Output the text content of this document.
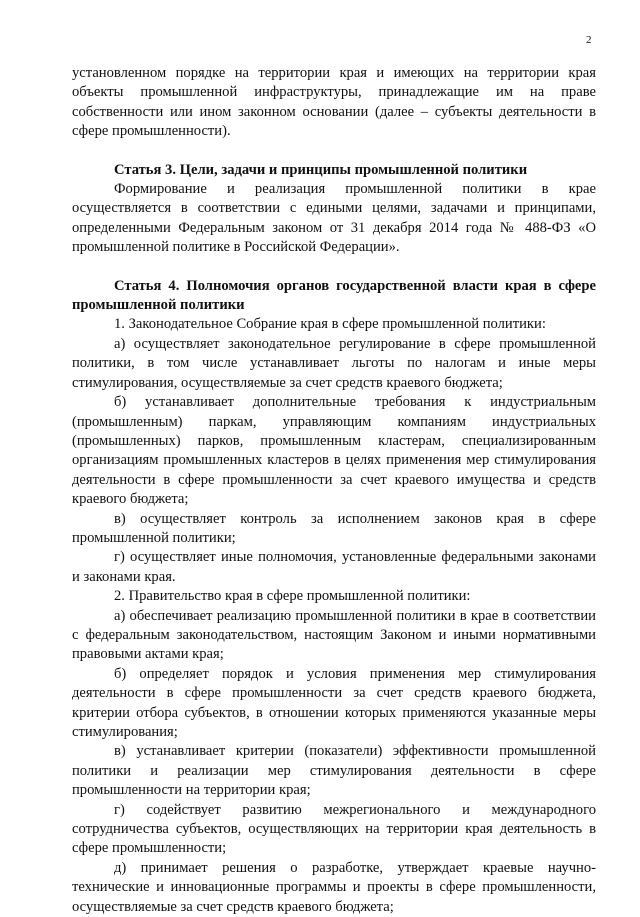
2

установленном порядке на территории края и имеющих на территории края объекты промышленной инфраструктуры, принадлежащие им на праве собственности или ином законном основании (далее – субъекты деятельности в сфере промышленности).

Статья 3. Цели, задачи и принципы промышленной политики

Формирование и реализация промышленной политики в крае осуществляется в соответствии с едиными целями, задачами и принципами, определенными Федеральным законом от 31 декабря 2014 года № 488-ФЗ «О промышленной политике в Российской Федерации».

Статья 4. Полномочия органов государственной власти края в сфере промышленной политики

1. Законодательное Собрание края в сфере промышленной политики:

а) осуществляет законодательное регулирование в сфере промышленной политики, в том числе устанавливает льготы по налогам и иные меры стимулирования, осуществляемые за счет средств краевого бюджета;

б) устанавливает дополнительные требования к индустриальным (промышленным) паркам, управляющим компаниям индустриальных (промышленных) парков, промышленным кластерам, специализированным организациям промышленных кластеров в целях применения мер стимулирования деятельности в сфере промышленности за счет краевого имущества и средств краевого бюджета;

в) осуществляет контроль за исполнением законов края в сфере промышленной политики;

г) осуществляет иные полномочия, установленные федеральными законами и законами края.

2. Правительство края в сфере промышленной политики:

а) обеспечивает реализацию промышленной политики в крае в соответствии с федеральным законодательством, настоящим Законом и иными нормативными правовыми актами края;

б) определяет порядок и условия применения мер стимулирования деятельности в сфере промышленности за счет средств краевого бюджета, критерии отбора субъектов, в отношении которых применяются указанные меры стимулирования;

в) устанавливает критерии (показатели) эффективности промышленной политики и реализации мер стимулирования деятельности в сфере промышленности на территории края;

г) содействует развитию межрегионального и международного сотрудничества субъектов, осуществляющих на территории края деятельность в сфере промышленности;

д) принимает решения о разработке, утверждает краевые научно-технические и инновационные программы и проекты в сфере промышленности, осуществляемые за счет средств краевого бюджета;
